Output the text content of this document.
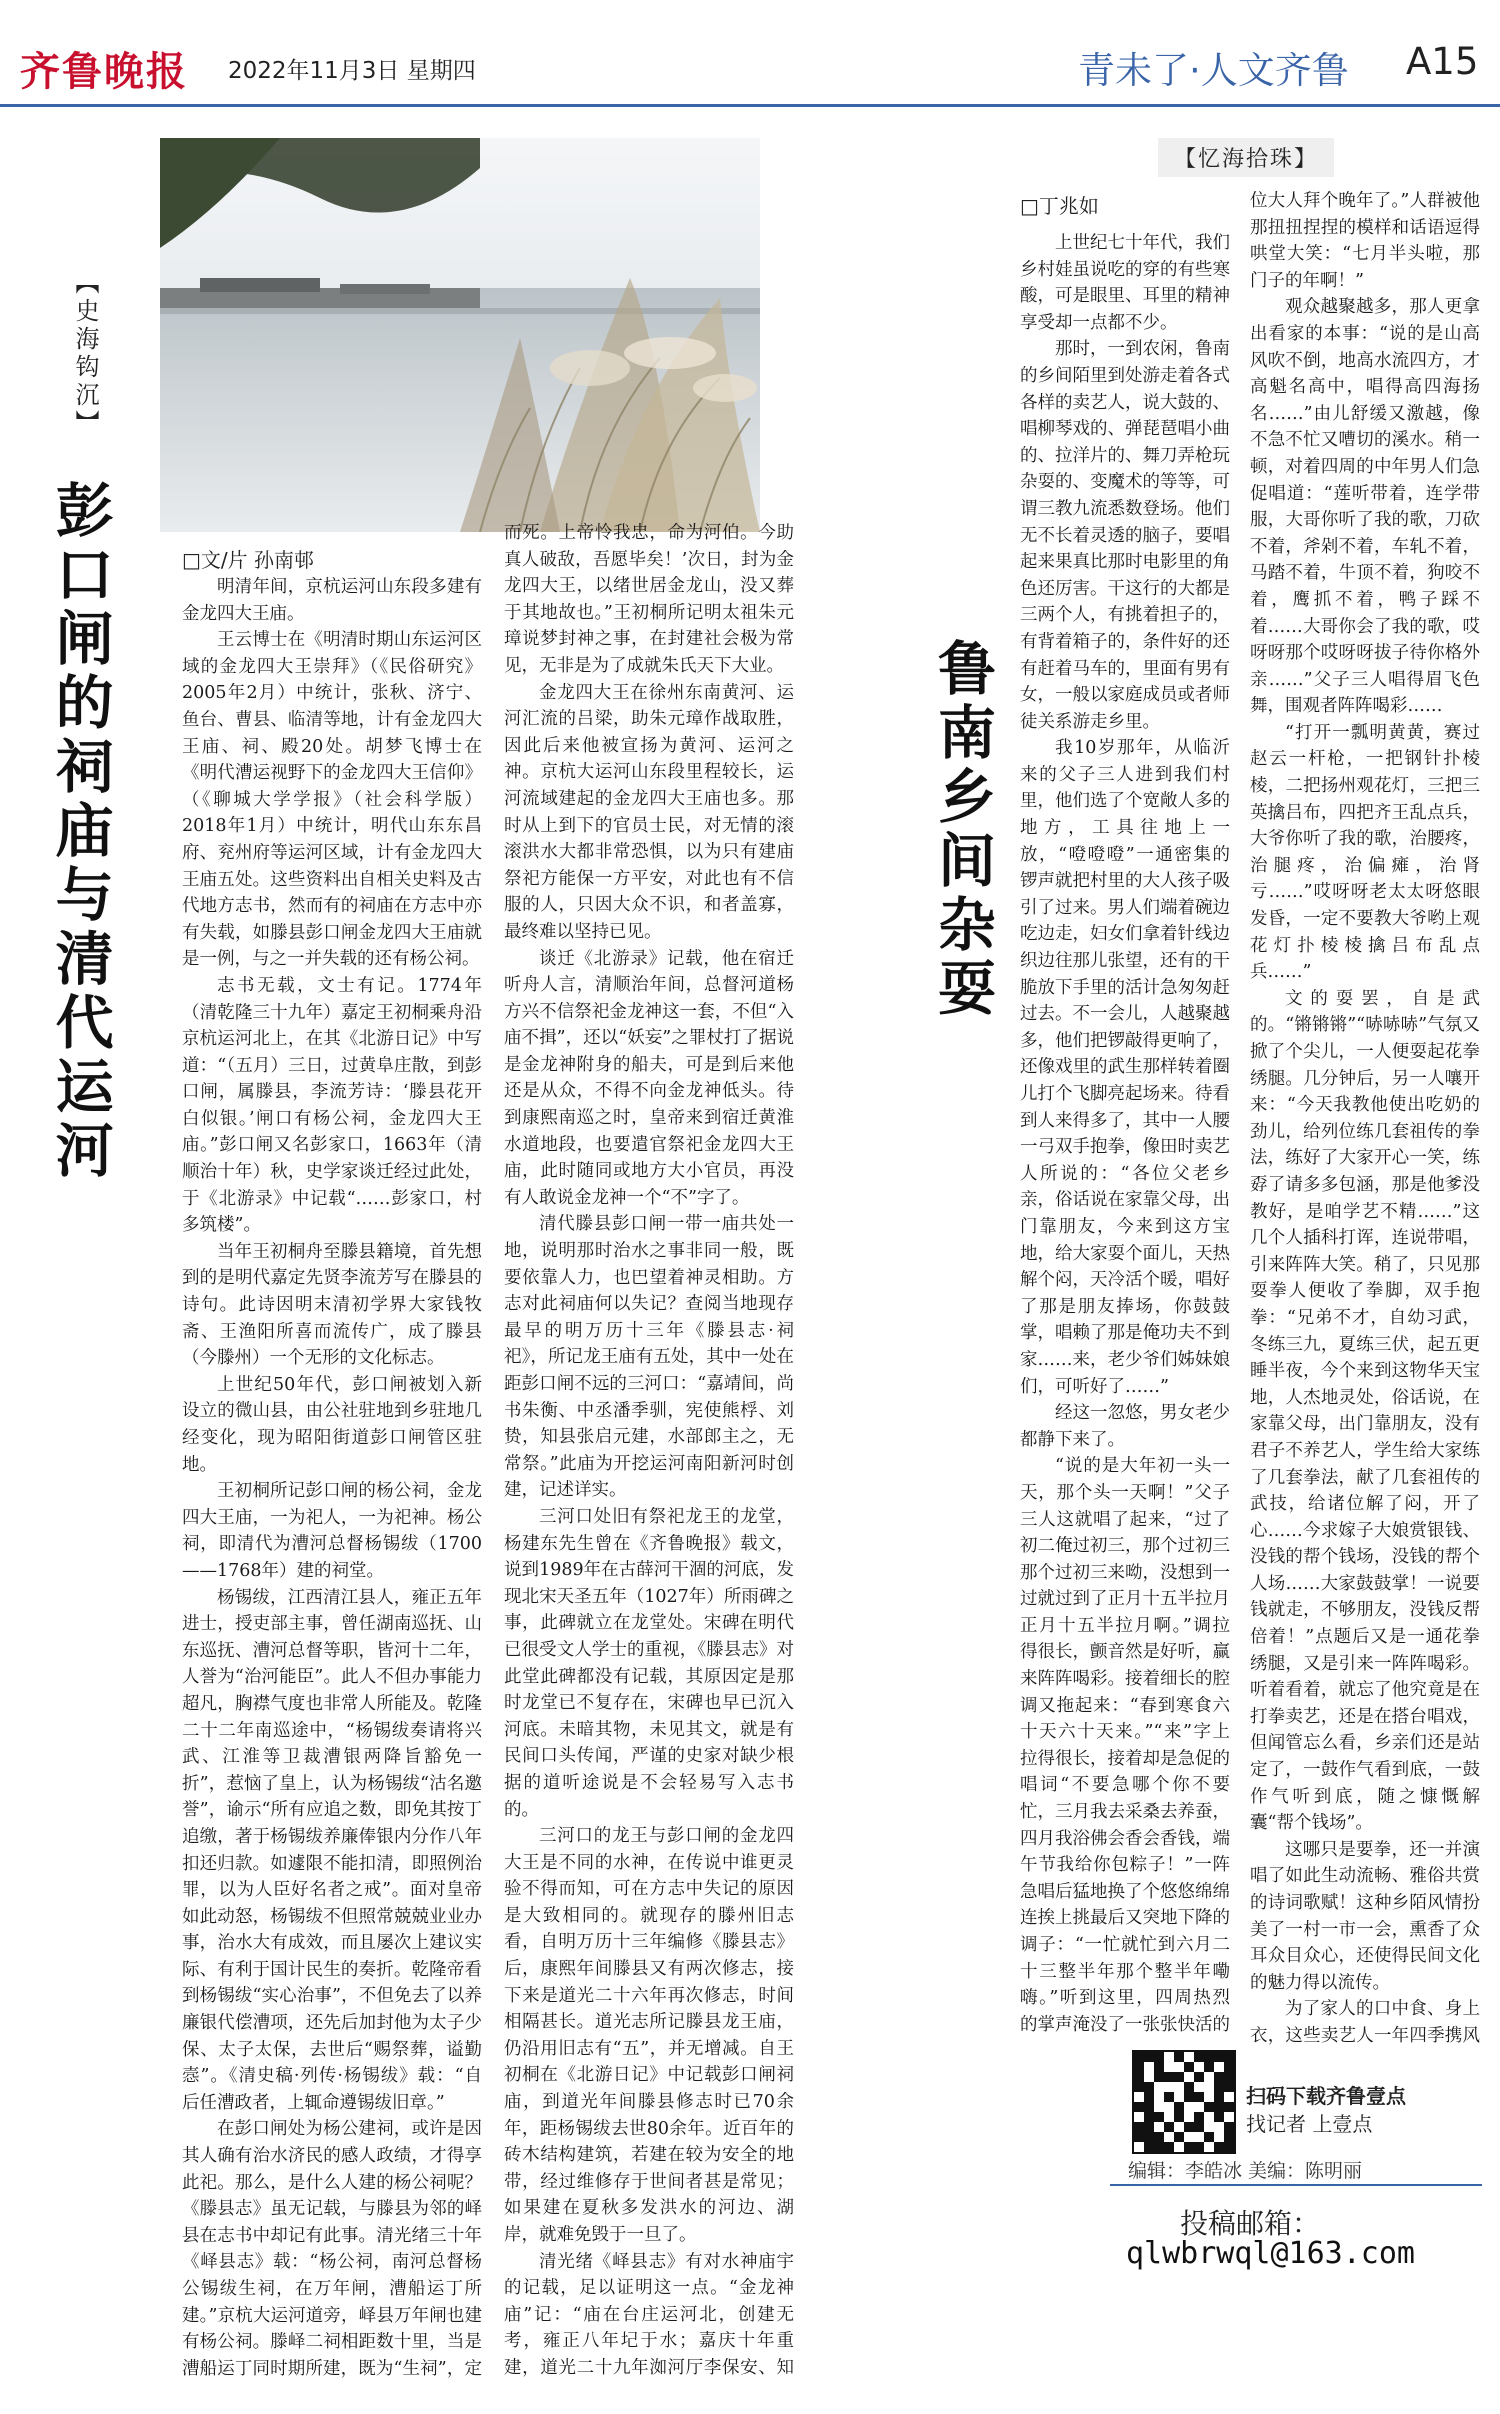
齐鲁晚报 2022年11月3日 星期四	青未了·人文齐鲁 A15
【史海钩沉】
彭口闸的祠庙与清代运河	□文/片 孙南邨

明清年间，京杭运河山东段多建有金龙四大王庙。

王云博士在《明清时期山东运河区域的金龙四大王崇拜》（《民俗研究》2005年2月）中统计，张秋、济宁、鱼台、曹县、临清等地，计有金龙四大王庙、祠、殿20处。胡梦飞博士在《明代漕运视野下的金龙四大王信仰》（《聊城大学学报》（社会科学版）2018年1月）中统计，明代山东东昌府、兖州府等运河区域，计有金龙四大王庙五处。这些资料出自相关史料及古代地方志书，然而有的祠庙在方志中亦有失载，如滕县彭口闸金龙四大王庙就是一例，与之一并失载的还有杨公祠。

志书无载，文士有记。1774年（清乾隆三十九年）嘉定王初桐乘舟沿京杭运河北上，在其《北游日记》中写道：“（五月）三日，过黄阜庄散，到彭口闸，属滕县，李流芳诗：‘滕县花开白似银。’闸口有杨公祠，金龙四大王庙。”彭口闸又名彭家口，1663年（清顺治十年）秋，史学家谈迁经过此处，于《北游录》中记载“……彭家口，村多筑楼”。

当年王初桐舟至滕县籍境，首先想到的是明代嘉定先贤李流芳写在滕县的诗句。此诗因明末清初学界大家钱牧斋、王渔阳所喜而流传广，成了滕县（今滕州）一个无形的文化标志。

上世纪50年代，彭口闸被划入新设立的微山县，由公社驻地到乡驻地几经变化，现为昭阳街道彭口闸管区驻地。

王初桐所记彭口闸的杨公祠，金龙四大王庙，一为祀人，一为祀神。杨公祠，即清代为漕河总督杨锡绂（1700——1768年）建的祠堂。

杨锡绂，江西清江县人，雍正五年进士，授吏部主事，曾任湖南巡抚、山东巡抚、漕河总督等职，皆河十二年，人誉为“治河能臣”。此人不但办事能力超凡，胸襟气度也非常人所能及。乾隆二十二年南巡途中，“杨锡绂奏请将兴武、江淮等卫裁漕银两降旨豁免一折”，惹恼了皇上，认为杨锡绂“沽名邀誉”，谕示“所有应追之数，即免其按丁追缴，著于杨锡绂养廉俸银内分作八年扣还归款。如遽限不能扣清，即照例治罪，以为人臣好名者之戒”。面对皇帝如此动怒，杨锡绂不但照常兢兢业业办事，治水大有成效，而且屡次上建议实际、有利于国计民生的奏折。乾隆帝看到杨锡绂“实心治事”，不但免去了以养廉银代偿漕项，还先后加封他为太子少保、太子太保，去世后“赐祭葬，谥勤悫”。《清史稿·列传·杨锡绂》载：“自后任漕政者，上辄命遵锡绂旧章。”

在彭口闸处为杨公建祠，或许是因其人确有治水济民的感人政绩，才得享此祀。那么，是什么人建的杨公祠呢？《滕县志》虽无记载，与滕县为邻的峄县在志书中却记有此事。清光绪三十年《峄县志》载：“杨公祠，南河总督杨公锡绂生祠，在万年闸，漕船运丁所建。”京杭大运河道旁，峄县万年闸也建有杨公祠。滕峄二祠相距数十里，当是漕船运丁同时期所建，既为“生祠”，定

而死。上帝怜我忠，命为河伯。今助真人破敌，吾愿毕矣！’次日，封为金龙四大王，以绪世居金龙山，没又葬于其地故也。”王初桐所记明太祖朱元璋说梦封神之事，在封建社会极为常见，无非是为了成就朱氏天下大业。

金龙四大王在徐州东南黄河、运河汇流的吕梁，助朱元璋作战取胜，因此后来他被宣扬为黄河、运河之神。京杭大运河山东段里程较长，运河流域建起的金龙四大王庙也多。那时从上到下的官员士民，对无情的滚滚洪水大都非常恐惧，以为只有建庙祭祀方能保一方平安，对此也有不信服的人，只因大众不识，和者盖寡，最终难以坚持已见。

谈迁《北游录》记载，他在宿迁听舟人言，清顺治年间，总督河道杨方兴不信祭祀金龙神这一套，不但“入庙不揖”，还以“妖妄”之罪杖打了据说是金龙神附身的船夫，可是到后来他还是从众，不得不向金龙神低头。待到康熙南巡之时，皇帝来到宿迁黄淮水道地段，也要遣官祭祀金龙四大王庙，此时随同或地方大小官员，再没有人敢说金龙神一个“不”字了。

清代滕县彭口闸一带一庙共处一地，说明那时治水之事非同一般，既要依靠人力，也巴望着神灵相助。方志对此祠庙何以失记？查阅当地现存最早的明万历十三年《滕县志·祠祀》，所记龙王庙有五处，其中一处在距彭口闸不远的三河口：“嘉靖间，尚书朱衡、中丞潘季驯，宪使熊桴、刘贽，知县张启元建，水部郎主之，无常祭。”此庙为开挖运河南阳新河时创建，记述详实。

三河口处旧有祭祀龙王的龙堂，杨建东先生曾在《齐鲁晚报》载文，说到1989年在古薛河干涸的河底，发现北宋天圣五年（1027年）所雨碑之事，此碑就立在龙堂处。宋碑在明代已很受文人学士的重视，《滕县志》对此堂此碑都没有记载，其原因定是那时龙堂已不复存在，宋碑也早已沉入河底。未暗其物，未见其文，就是有民间口头传闻，严谨的史家对缺少根据的道听途说是不会轻易写入志书的。

三河口的龙王与彭口闸的金龙四大王是不同的水神，在传说中谁更灵验不得而知，可在方志中失记的原因是大致相同的。就现存的滕州旧志看，自明万历十三年编修《滕县志》后，康熙年间滕县又有两次修志，接下来是道光二十六年再次修志，时间相隔甚长。道光志所记滕县龙王庙，仍沿用旧志有“五”，并无增减。自王初桐在《北游日记》中记载彭口闸祠庙，到道光年间滕县修志时已70余年，距杨锡绂去世80余年。近百年的砖木结构建筑，若建在较为安全的地带，经过维修存于世间者甚是常见；如果建在夏秋多发洪水的河边、湖岸，就难免毁于一旦了。

清光绪《峄县志》有对水神庙宇的记载，足以证明这一点。“金龙神庙”记：“庙在台庄运河北，创建无考，雍正八年圮于水；嘉庆十年重建，道光二十九年洳河厅李保安、知

【忆海拾珠】
鲁南乡间杂耍
□丁兆如

上世纪七十年代，我们乡村娃虽说吃的穿的有些寒酸，可是眼里、耳里的精神享受却一点都不少。

那时，一到农闲，鲁南的乡间陌里到处游走着各式各样的卖艺人，说大鼓的、唱柳琴戏的、弹琵琶唱小曲的、拉洋片的、舞刀弄枪玩杂耍的、变魔术的等等，可谓三教九流悉数登场。他们无不长着灵透的脑子，要唱起来果真比那时电影里的角色还厉害。干这行的大都是三两个人，有挑着担子的，有背着箱子的，条件好的还有赶着马车的，里面有男有女，一般以家庭成员或者师徒关系游走乡里。

我10岁那年，从临沂来的父子三人进到我们村里，他们选了个宽敞人多的地方，工具往地上一放，“噔噔噔”一通密集的锣声就把村里的大人孩子吸引了过来。男人们端着碗边吃边走，妇女们拿着针线边织边往那儿张望，还有的干脆放下手里的活计急匆匆赶过去。不一会儿，人越聚越多，他们把锣敲得更响了，还像戏里的武生那样转着圈儿打个飞脚亮起场来。待看到人来得多了，其中一人腰一弓双手抱拳，像田时卖艺人所说的：“各位父老乡亲，俗话说在家靠父母，出门靠朋友，今来到这方宝地，给大家耍个面儿，天热解个闷，天冷活个暖，唱好了那是朋友捧场，你鼓鼓掌，唱赖了那是俺功夫不到家……来，老少爷们姊妹娘们，可听好了……”

经这一忽悠，男女老少都静下来了。

“说的是大年初一头一天，那个头一天啊！”父子三人这就唱了起来，“过了初二俺过初三，那个过初三那个过初三来呦，没想到一过就过到了正月十五半拉月正月十五半拉月啊。”调拉得很长，颤音然是好听，赢来阵阵喝彩。接着细长的腔调又拖起来：“春到寒食六十天六十天来。”“来”字上拉得很长，接着却是急促的唱词“不要急哪个你不要忙，三月我去采桑去养蚕，四月我浴佛会香会香钱，端午节我给你包粽子！”一阵急唱后猛地换了个悠悠绵绵连挨上挑最后又突地下降的调子：“一忙就忙到六月二十三整半年那个整半年嘞嗨。”听到这里，四周热烈的掌声淹没了一张张快活的

位大人拜个晚年了。”人群被他那扭扭捏捏的模样和话语逗得哄堂大笑：“七月半头啦，那门子的年啊！”

观众越聚越多，那人更拿出看家的本事：“说的是山高风吹不倒，地高水流四方，才高魁名高中，唱得高四海扬名……”由儿舒缓又激越，像不急不忙又嘈切的溪水。稍一顿，对着四周的中年男人们急促唱道：“莲听带着，连学带服，大哥你听了我的歌，刀砍不着，斧剁不着，车轧不着，马踏不着，牛顶不着，狗咬不着，鹰抓不着，鸭子踩不着……大哥你会了我的歌，哎呀呀那个哎呀呀拔子待你格外亲……”父子三人唱得眉飞色舞，围观者阵阵喝彩……

“打开一瓢明黄黄，赛过赵云一杆枪，一把钢针扑棱棱，二把扬州观花灯，三把三英擒吕布，四把齐王乱点兵，大爷你听了我的歌，治腰疼，治腿疼，治偏瘫，治肾亏……”哎呀呀老太太呀悠眼发昏，一定不要教大爷哟上观花灯扑棱棱擒吕布乱点兵……”

文的耍罢，自是武的。“锵锵锵”“哧哧哧”气氛又掀了个尖儿，一人便耍起花拳绣腿。几分钟后，另一人嚷开来：“今天我教他使出吃奶的劲儿，给列位练几套祖传的拳法，练好了大家开心一笑，练孬了请多多包涵，那是他爹没教好，是咱学艺不精……”这几个人插科打诨，连说带唱，引来阵阵大笑。稍了，只见那耍拳人便收了拳脚，双手抱拳：“兄弟不才，自幼习武，冬练三九，夏练三伏，起五更睡半夜，今个来到这物华天宝地，人杰地灵处，俗话说，在家靠父母，出门靠朋友，没有君子不养艺人，学生给大家练了几套拳法，献了几套祖传的武技，给诸位解了闷，开了心……今求嫁子大娘赏银钱、没钱的帮个钱场，没钱的帮个人场……大家鼓鼓掌！一说要钱就走，不够朋友，没钱反帮倍着！”点题后又是一通花拳绣腿，又是引来一阵阵喝彩。听着看着，就忘了他究竟是在打拳卖艺，还是在搭台唱戏，但闻管忘么看，乡亲们还是站定了，一鼓作气看到底，一鼓作气听到底，随之慷慨解囊“帮个钱场”。

这哪只是要拳，还一并演唱了如此生动流畅、雅俗共赏的诗词歌赋！这种乡陌风情扮美了一村一市一会，熏香了众耳众目众心，还使得民间文化的魅力得以流传。

为了家人的口中食、身上衣，这些卖艺人一年四季携风

扫码下载齐鲁壹点
找记者 上壹点
编辑：李皓冰 美编：陈明丽
投稿邮箱：
qlwbrwql@163.com
